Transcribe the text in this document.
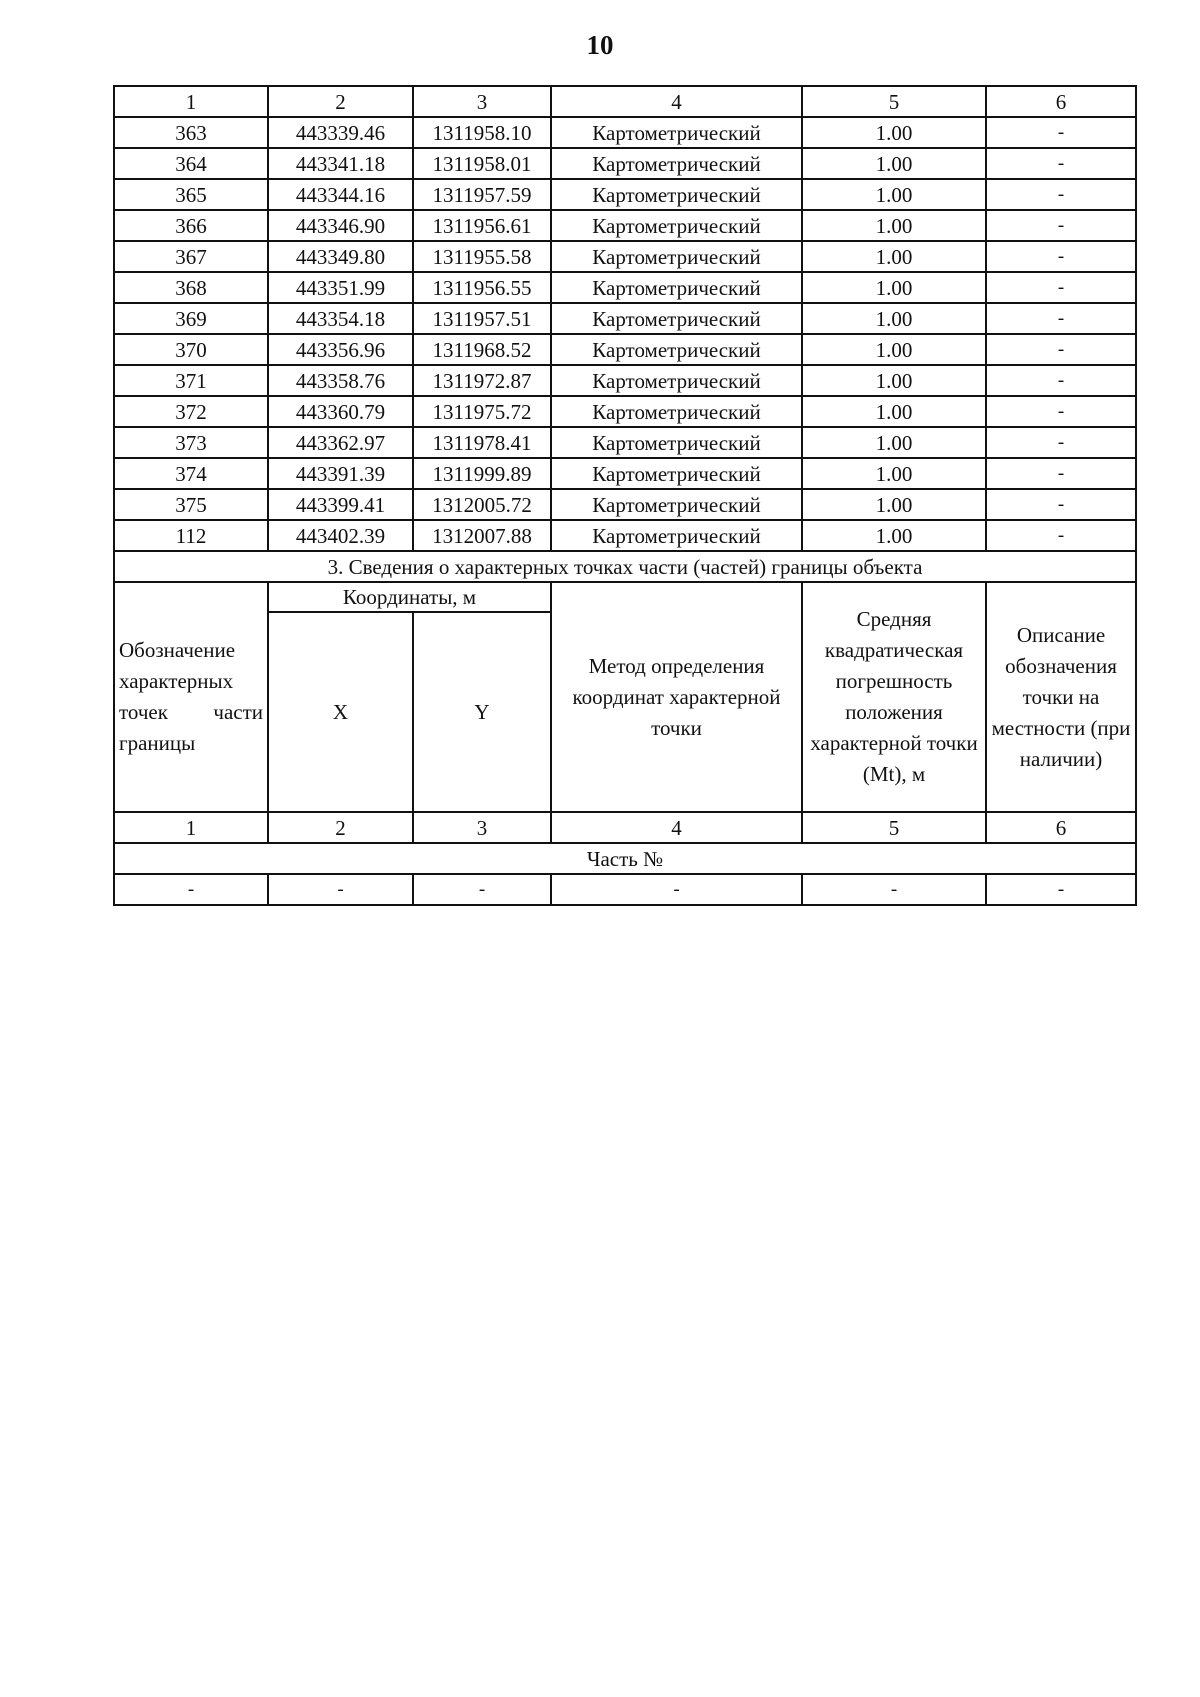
10
1	2	3	4	5	6
363	443339.46	1311958.10	Картометрический	1.00	-
364	443341.18	1311958.01	Картометрический	1.00	-
365	443344.16	1311957.59	Картометрический	1.00	-
366	443346.90	1311956.61	Картометрический	1.00	-
367	443349.80	1311955.58	Картометрический	1.00	-
368	443351.99	1311956.55	Картометрический	1.00	-
369	443354.18	1311957.51	Картометрический	1.00	-
370	443356.96	1311968.52	Картометрический	1.00	-
371	443358.76	1311972.87	Картометрический	1.00	-
372	443360.79	1311975.72	Картометрический	1.00	-
373	443362.97	1311978.41	Картометрический	1.00	-
374	443391.39	1311999.89	Картометрический	1.00	-
375	443399.41	1312005.72	Картометрический	1.00	-
112	443402.39	1312007.88	Картометрический	1.00	-
3. Сведения о характерных точках части (частей) границы объекта					
Обозначение характерных точек части границы	Координаты, м		Метод определения координат характерной точки	Средняя квадратическая погрешность положения характерной точки (Mt), м	Описание обозначения точки на местности (при наличии)
	X	Y			
1	2	3	4	5	6
Часть №					
-	-	-	-	-	-
